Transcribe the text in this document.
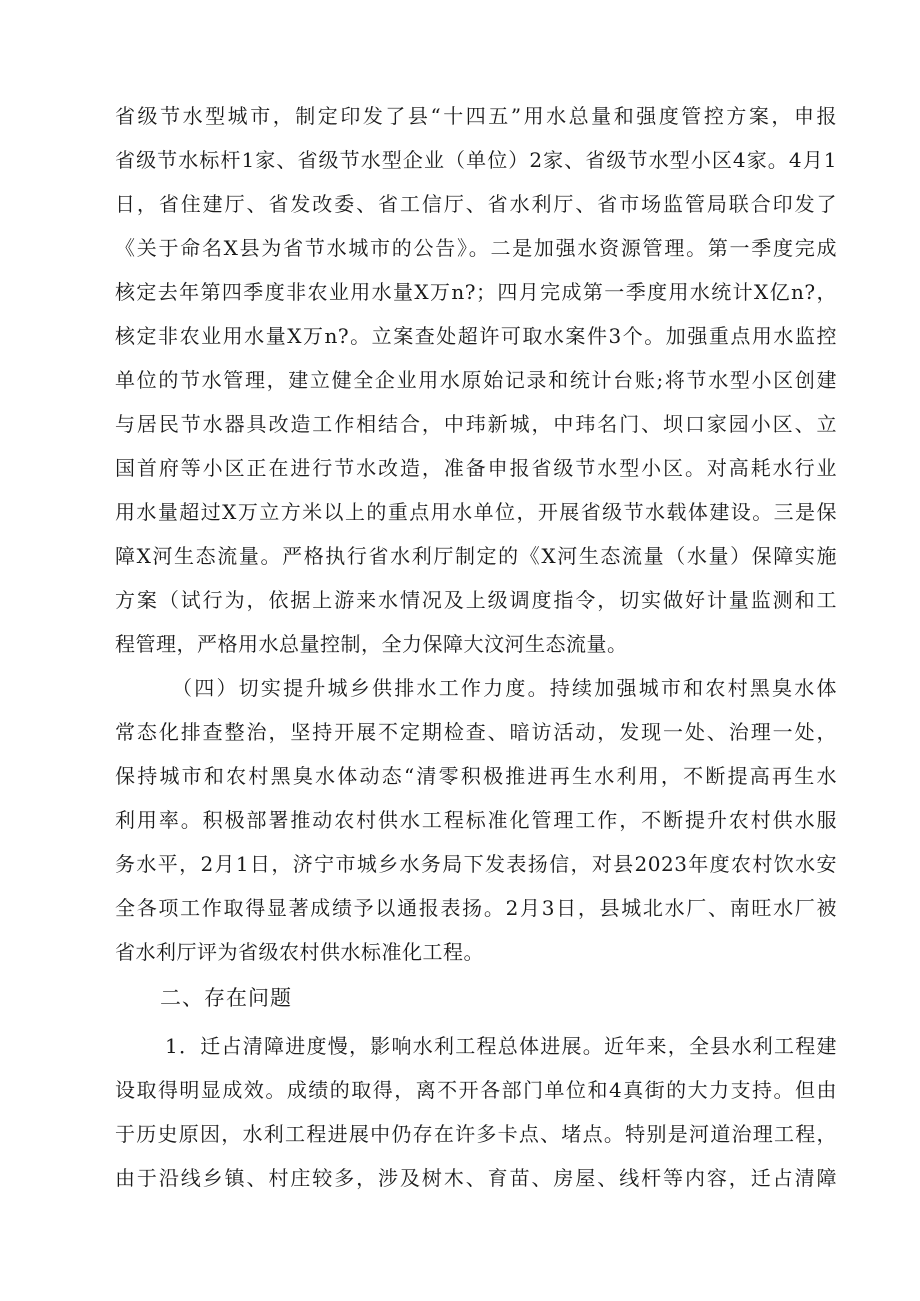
省级节水型城市，制定印发了县“十四五”用水总量和强度管控方案，申报
省级节水标杆1家、省级节水型企业（单位）2家、省级节水型小区4家。4月1
日，省住建厅、省发改委、省工信厅、省水利厅、省市场监管局联合印发了
《关于命名X县为省节水城市的公告》。二是加强水资源管理。第一季度完成
核定去年第四季度非农业用水量X万n?；四月完成第一季度用水统计X亿n?，
核定非农业用水量X万n?。立案查处超许可取水案件3个。加强重点用水监控
单位的节水管理，建立健全企业用水原始记录和统计台账;将节水型小区创建
与居民节水器具改造工作相结合，中玮新城，中玮名门、坝口家园小区、立
国首府等小区正在进行节水改造，准备申报省级节水型小区。对高耗水行业
用水量超过X万立方米以上的重点用水单位，开展省级节水载体建设。三是保
障X河生态流量。严格执行省水利厅制定的《X河生态流量（水量）保障实施
方案（试行为，依据上游来水情况及上级调度指令，切实做好计量监测和工
程管理，严格用水总量控制，全力保障大汶河生态流量。
（四）切实提升城乡供排水工作力度。持续加强城市和农村黑臭水体
常态化排查整治，坚持开展不定期检查、暗访活动，发现一处、治理一处，
保持城市和农村黑臭水体动态“清零积极推进再生水利用，不断提高再生水
利用率。积极部署推动农村供水工程标准化管理工作，不断提升农村供水服
务水平，2月1日，济宁市城乡水务局下发表扬信，对县2023年度农村饮水安
全各项工作取得显著成绩予以通报表扬。2月3日，县城北水厂、南旺水厂被
省水利厅评为省级农村供水标准化工程。
二、存在问题
1．迁占清障进度慢，影响水利工程总体进展。近年来，全县水利工程建
设取得明显成效。成绩的取得，离不开各部门单位和4真街的大力支持。但由
于历史原因，水利工程进展中仍存在许多卡点、堵点。特别是河道治理工程，
由于沿线乡镇、村庄较多，涉及树木、育苗、房屋、线杆等内容，迁占清障
